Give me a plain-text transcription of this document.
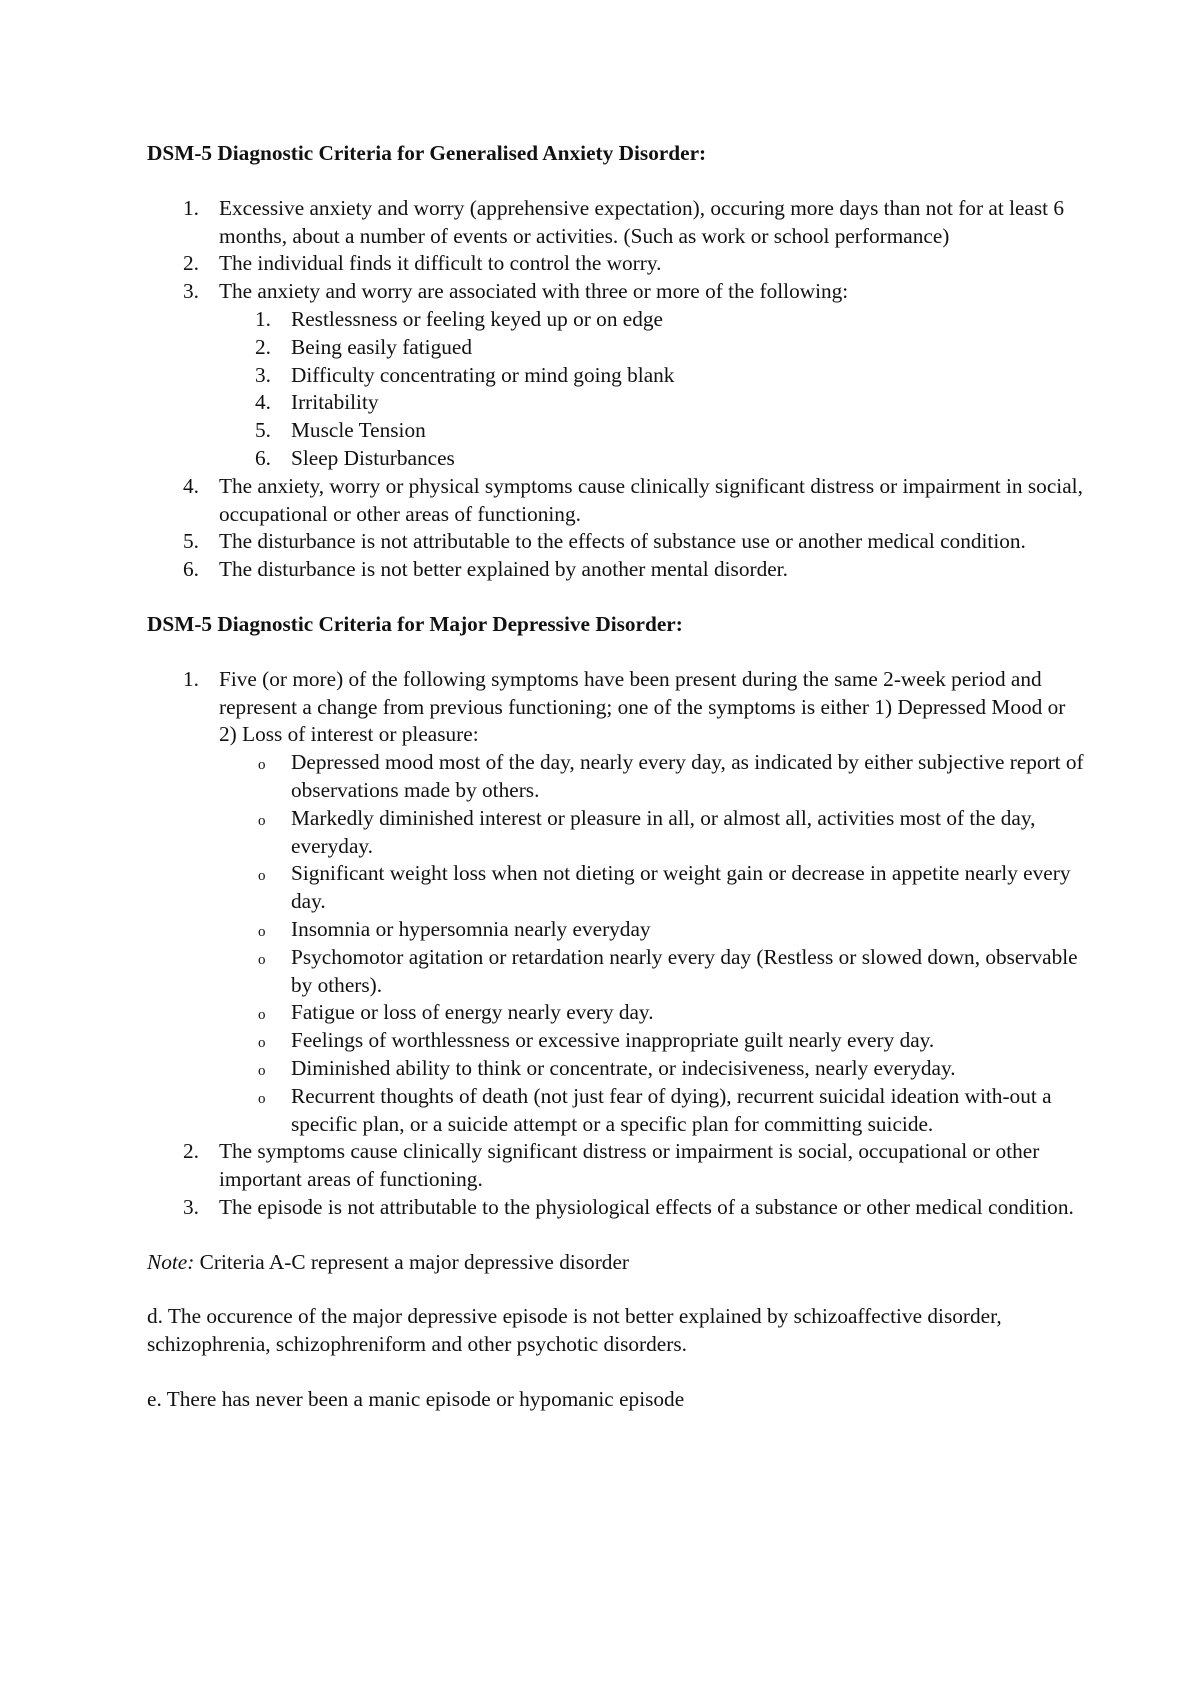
DSM-5 Diagnostic Criteria for Generalised Anxiety Disorder:

1. Excessive anxiety and worry (apprehensive expectation), occuring more days than not for at least 6 months, about a number of events or activities. (Such as work or school performance)
2. The individual finds it difficult to control the worry.
3. The anxiety and worry are associated with three or more of the following:
1. Restlessness or feeling keyed up or on edge
2. Being easily fatigued
3. Difficulty concentrating or mind going blank
4. Irritability
5. Muscle Tension
6. Sleep Disturbances
4. The anxiety, worry or physical symptoms cause clinically significant distress or impairment in social, occupational or other areas of functioning.
5. The disturbance is not attributable to the effects of substance use or another medical condition.
6. The disturbance is not better explained by another mental disorder.

DSM-5 Diagnostic Criteria for Major Depressive Disorder:

1. Five (or more) of the following symptoms have been present during the same 2-week period and represent a change from previous functioning; one of the symptoms is either 1) Depressed Mood or 2) Loss of interest or pleasure:
o Depressed mood most of the day, nearly every day, as indicated by either subjective report of observations made by others.
o Markedly diminished interest or pleasure in all, or almost all, activities most of the day, everyday.
o Significant weight loss when not dieting or weight gain or decrease in appetite nearly every day.
o Insomnia or hypersomnia nearly everyday
o Psychomotor agitation or retardation nearly every day (Restless or slowed down, observable by others).
o Fatigue or loss of energy nearly every day.
o Feelings of worthlessness or excessive inappropriate guilt nearly every day.
o Diminished ability to think or concentrate, or indecisiveness, nearly everyday.
o Recurrent thoughts of death (not just fear of dying), recurrent suicidal ideation with-out a specific plan, or a suicide attempt or a specific plan for committing suicide.
2. The symptoms cause clinically significant distress or impairment is social, occupational or other important areas of functioning.
3. The episode is not attributable to the physiological effects of a substance or other medical condition.

Note: Criteria A-C represent a major depressive disorder

d. The occurence of the major depressive episode is not better explained by schizoaffective disorder, schizophrenia, schizophreniform and other psychotic disorders.

e. There has never been a manic episode or hypomanic episode
